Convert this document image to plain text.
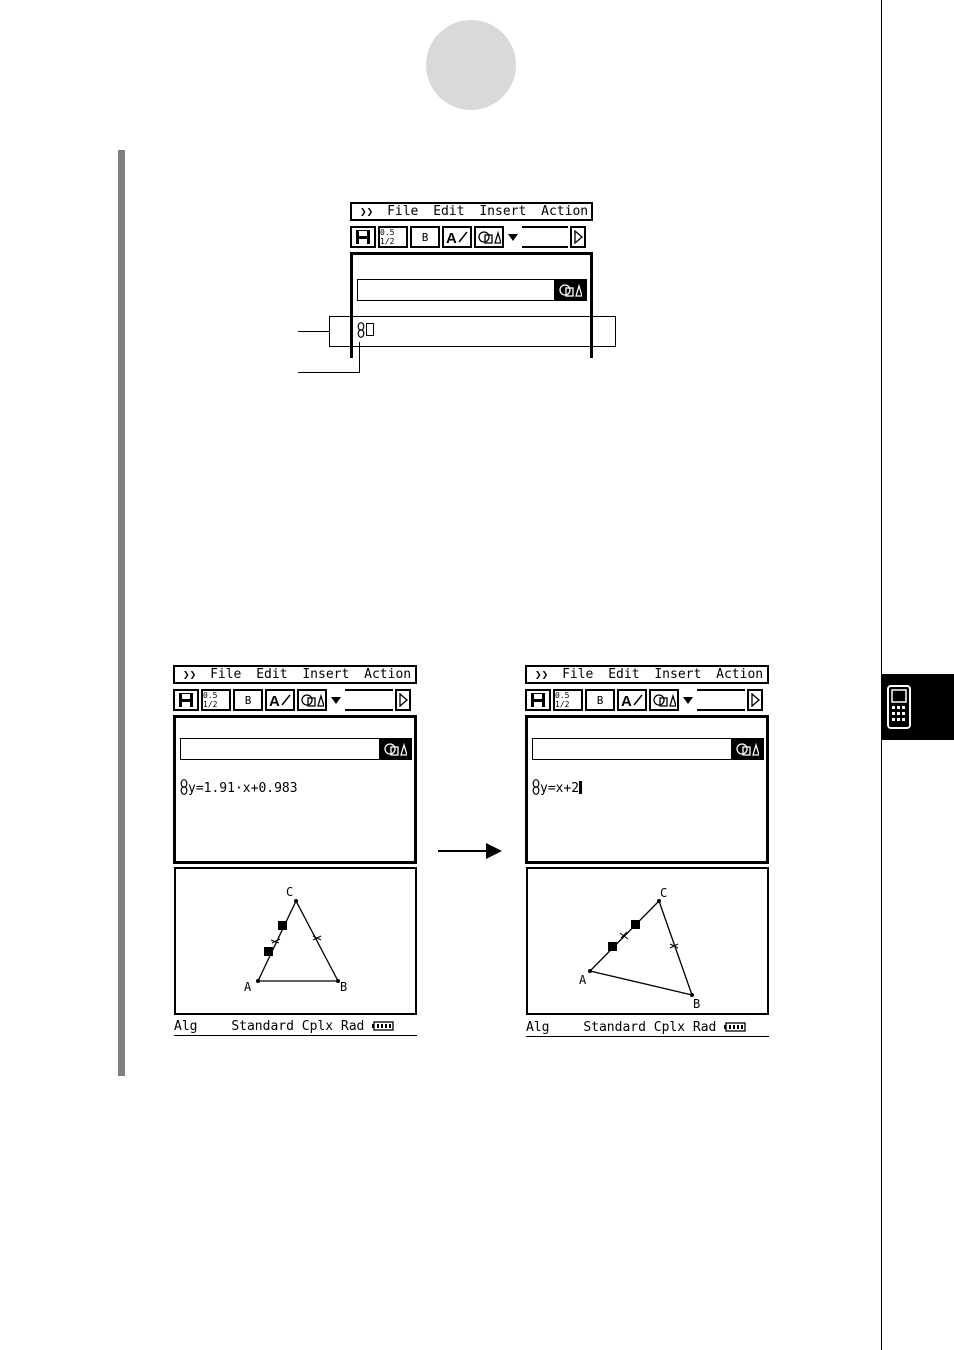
❯❯ File Edit Insert Action
0.5 1/2	B	A
❯❯ File Edit Insert Action
0.5 1/2	B	A
y=1.91·x+0.983
C
A	B
Alg	Standard Cplx Rad
❯❯ File Edit Insert Action
0.5 1/2	B	A
y=x+2
C
A
B
Alg	Standard Cplx Rad
